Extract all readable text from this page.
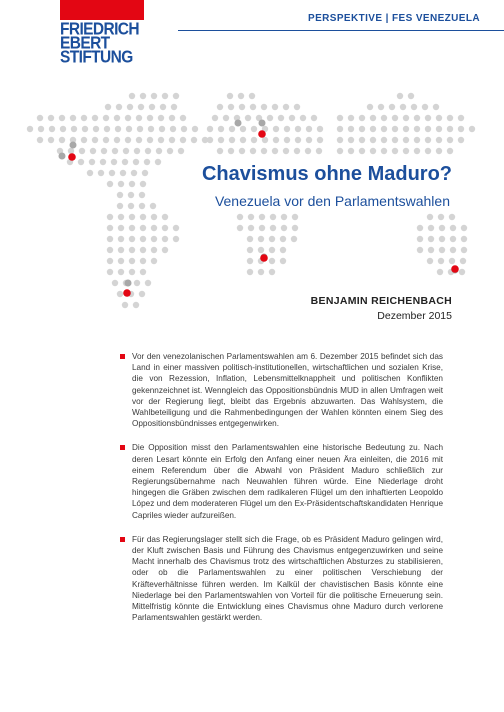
FRIEDRICH
EBERT
STIFTUNG
PERSPEKTIVE | FES VENEZUELA
Chavismus ohne Maduro?
Venezuela vor den Parlamentswahlen
BENJAMIN REICHENBACH
Dezember 2015

Vor den venezolanischen Parlamentswahlen am 6. Dezember 2015 befindet sich das Land in einer massiven politisch-institutionellen, wirtschaftlichen und sozialen Krise, die von Rezession, Inflation, Lebensmittelknappheit und politischen Konflikten gekennzeichnet ist. Wenngleich das Oppositionsbündnis MUD in allen Umfragen weit vor der Regierung liegt, bleibt das Ergebnis abzuwarten. Das Wahlsystem, die Wahlbeteiligung und die Rahmenbedingungen der Wahlen könnten einem Sieg des Oppositionsbündnisses entgegenwirken.

Die Opposition misst den Parlamentswahlen eine historische Bedeutung zu. Nach deren Lesart könnte ein Erfolg den Anfang einer neuen Ära einleiten, die 2016 mit einem Referendum über die Abwahl von Präsident Maduro schließlich zur Regierungsübernahme nach Neuwahlen führen würde. Eine Niederlage droht hingegen die Gräben zwischen dem radikaleren Flügel um den inhaftierten Leopoldo López und dem moderateren Flügel um den Ex-Präsidentschaftskandidaten Henrique Capriles wieder aufzureißen.

Für das Regierungslager stellt sich die Frage, ob es Präsident Maduro gelingen wird, der Kluft zwischen Basis und Führung des Chavismus entgegenzuwirken und seine Macht innerhalb des Chavismus trotz des wirtschaftlichen Absturzes zu stabilisieren, oder ob die Parlamentswahlen zu einer politischen Verschiebung der Kräfteverhältnisse führen werden. Im Kalkül der chavistischen Basis könnte eine Niederlage bei den Parlamentswahlen von Vorteil für die politische Erneuerung sein. Mittelfristig könnte die Entwicklung eines Chavismus ohne Maduro durch verlorene Parlamentswahlen gestärkt werden.
